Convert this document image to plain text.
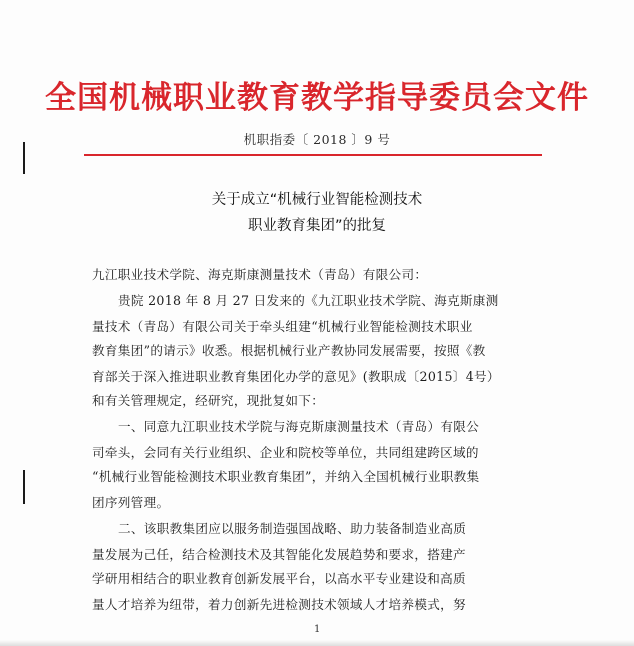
全国机械职业教育教学指导委员会文件
机职指委〔 2018 〕9 号
关于成立“机械行业智能检测技术
职业教育集团”的批复
九江职业技术学院、海克斯康测量技术（青岛）有限公司：
贵院 2018 年 8 月 27 日发来的《九江职业技术学院、海克斯康测
量技术（青岛）有限公司关于牵头组建“机械行业智能检测技术职业
教育集团”的请示》收悉。根据机械行业产教协同发展需要，按照《教
育部关于深入推进职业教育集团化办学的意见》(教职成〔2015〕4号）
和有关管理规定，经研究，现批复如下：
一、同意九江职业技术学院与海克斯康测量技术（青岛）有限公
司牵头，会同有关行业组织、企业和院校等单位，共同组建跨区域的
“机械行业智能检测技术职业教育集团”，并纳入全国机械行业职教集
团序列管理。
二、该职教集团应以服务制造强国战略、助力装备制造业高质
量发展为己任，结合检测技术及其智能化发展趋势和要求，搭建产
学研用相结合的职业教育创新发展平台，以高水平专业建设和高质
量人才培养为纽带，着力创新先进检测技术领域人才培养模式，努
1
